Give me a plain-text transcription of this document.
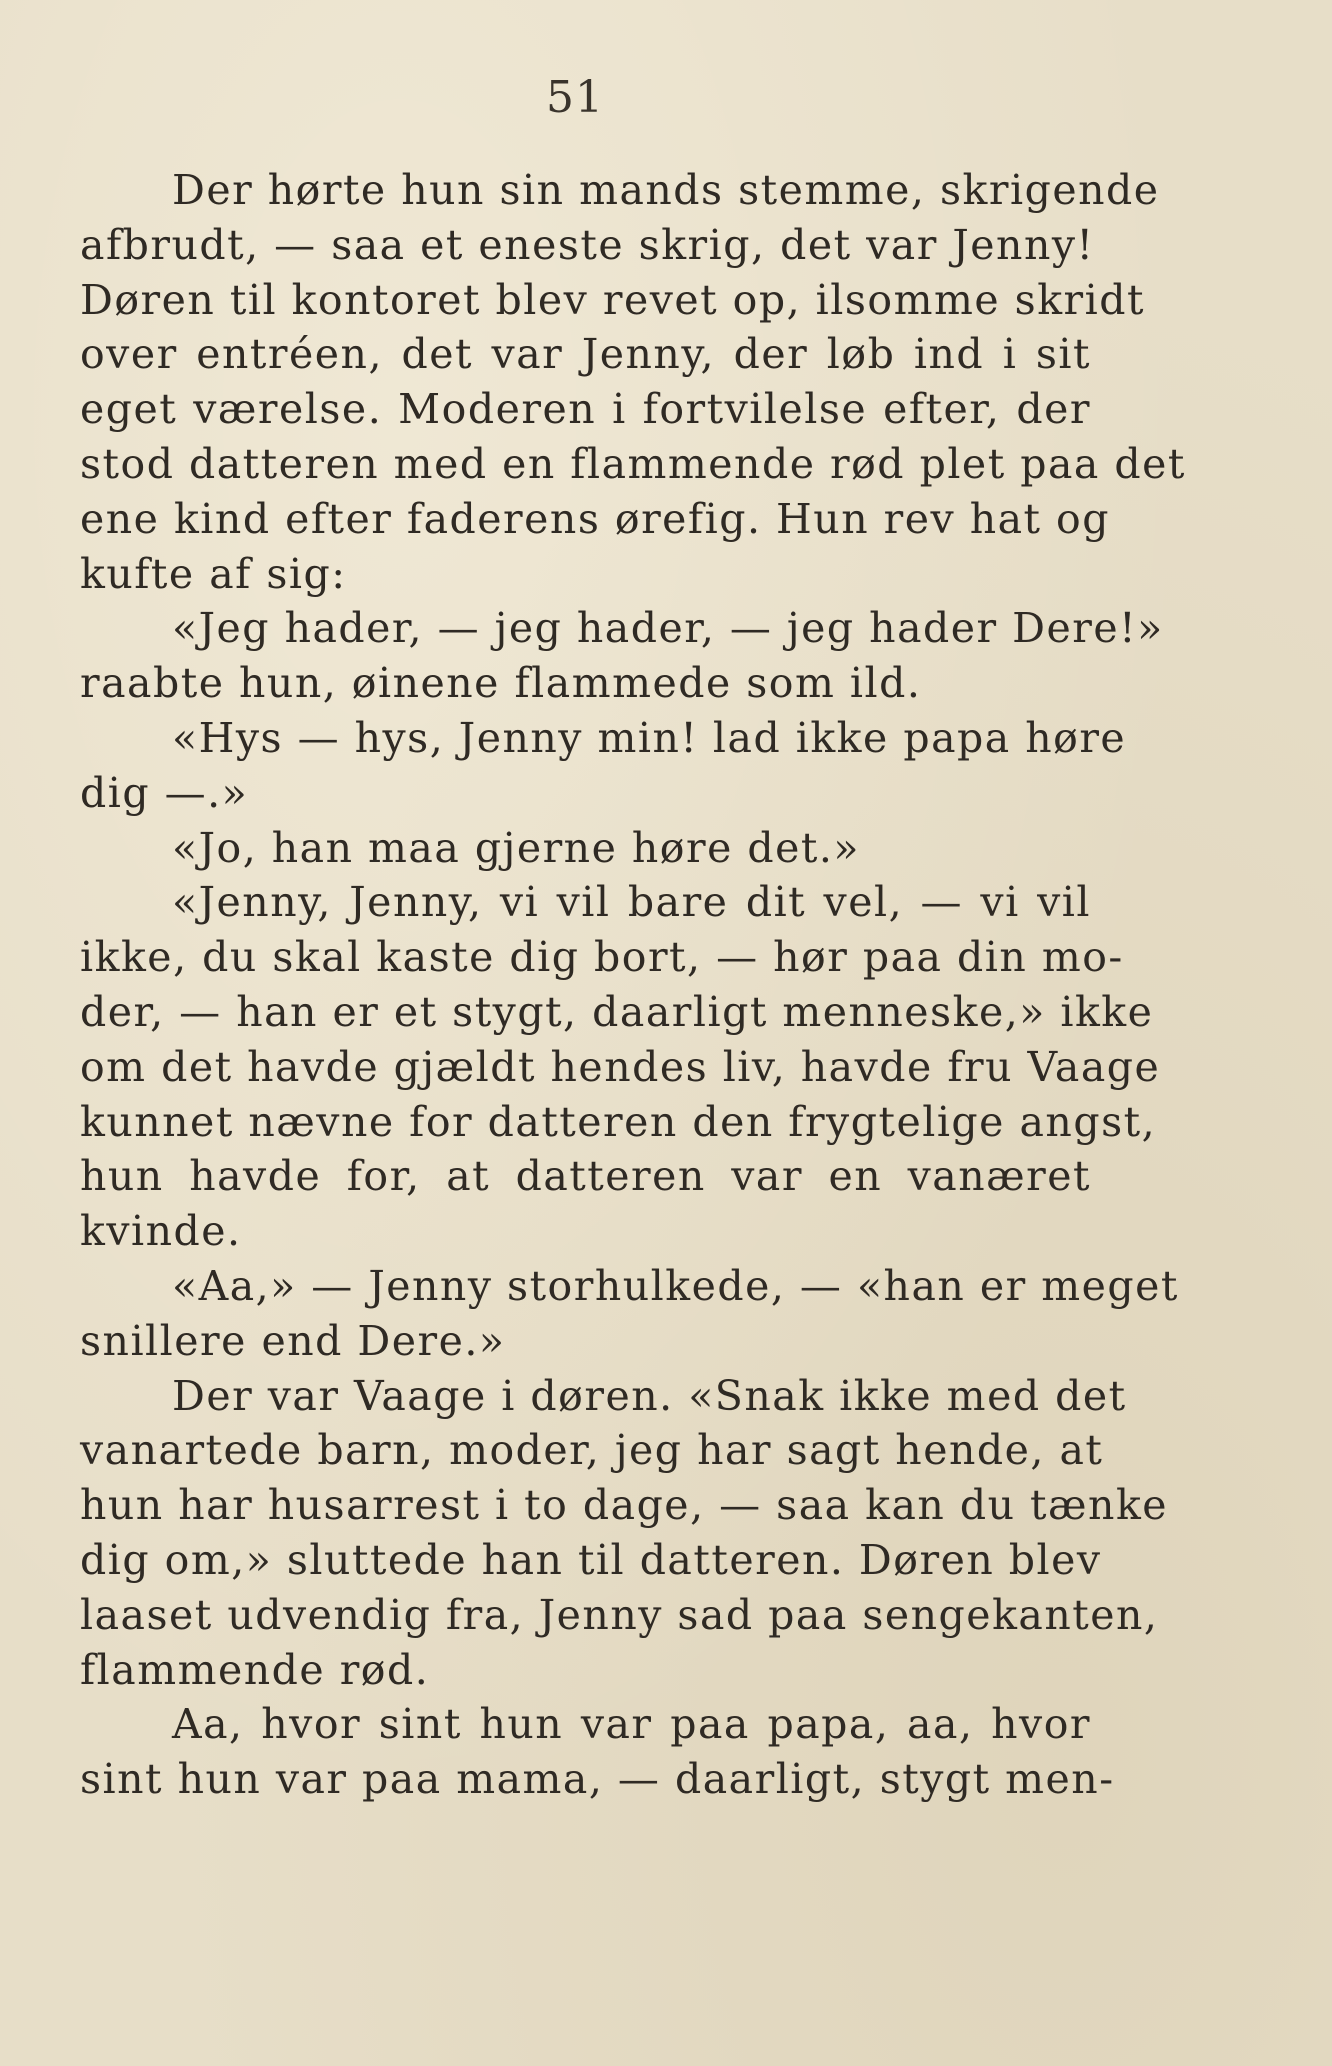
51
Der hørte hun sin mands stemme, skrigende
afbrudt, — saa et eneste skrig, det var Jenny!
Døren til kontoret blev revet op, ilsomme skridt
over entréen, det var Jenny, der løb ind i sit
eget værelse. Moderen i fortvilelse efter, der
stod datteren med en flammende rød plet paa det
ene kind efter faderens ørefig. Hun rev hat og
kufte af sig:
«Jeg hader, — jeg hader, — jeg hader Dere!»
raabte hun, øinene flammede som ild.
«Hys — hys, Jenny min! lad ikke papa høre
dig —.»
«Jo, han maa gjerne høre det.»
«Jenny, Jenny, vi vil bare dit vel, — vi vil
ikke, du skal kaste dig bort, — hør paa din mo-
der, — han er et stygt, daarligt menneske,» ikke
om det havde gjældt hendes liv, havde fru Vaage
kunnet nævne for datteren den frygtelige angst,
hun havde for, at datteren var en vanæret
kvinde.
«Aa,» — Jenny storhulkede, — «han er meget
snillere end Dere.»
Der var Vaage i døren. «Snak ikke med det
vanartede barn, moder, jeg har sagt hende, at
hun har husarrest i to dage, — saa kan du tænke
dig om,» sluttede han til datteren. Døren blev
laaset udvendig fra, Jenny sad paa sengekanten,
flammende rød.
Aa, hvor sint hun var paa papa, aa, hvor
sint hun var paa mama, — daarligt, stygt men-
